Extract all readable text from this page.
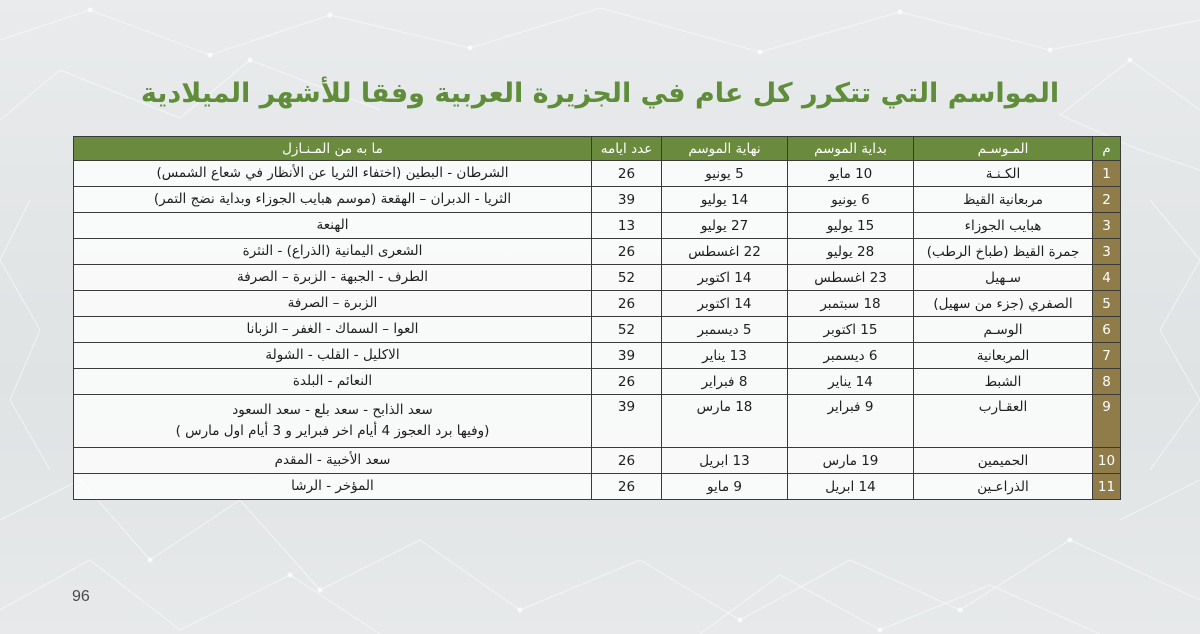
المواسم التي تتكرر كل عام في الجزيرة العربية وفقا للأشهر الميلادية
م	المـوسـم	بداية الموسم	نهاية الموسم	عدد ايامه	ما به من المـنـازل
1	الكـنـة	10 مايو	5 يونيو	26	الشرطان - البطين (اختفاء الثريا عن الأنظار في شعاع الشمس)

2	مربعانية القيظ	6 يونيو	14 يوليو	39	الثريا - الدبران – الهقعة (موسم هبايب الجوزاء وبداية نضج التمر)

3	هبايب الجوزاء	15 يوليو	27 يوليو	13	الهنعة

3	جمرة القيظ (طباخ الرطب)	28 يوليو	22 اغسطس	26	الشعرى اليمانية (الذراع) - النثرة

4	سـهيل	23 اغسطس	14 اكتوبر	52	الطرف - الجبهة - الزبرة – الصرفة

5	الصفري (جزء من سهيل)	18 سبتمبر	14 اكتوبر	26	الزبرة – الصرفة

6	الوسـم	15 اكتوبر	5 ديسمبر	52	العوا – السماك - الغفر – الزبانا

7	المربعانية	6 ديسمبر	13 يناير	39	الاكليل - القلب - الشولة

8	الشبط	14 يناير	8 فبراير	26	النعائم - البلدة

9	العقـارب	9 فبراير	18 مارس	39	سعد الذابح - سعد بلع - سعد السعود
(وفيها برد العجوز 4 أيام اخر فبراير و 3 أيام اول مارس )

10	الحميمين	19 مارس	13 ابريل	26	سعد الأخبية - المقدم

11	الذراعـين	14 ابريل	9 مايو	26	المؤخر - الرشا
96
